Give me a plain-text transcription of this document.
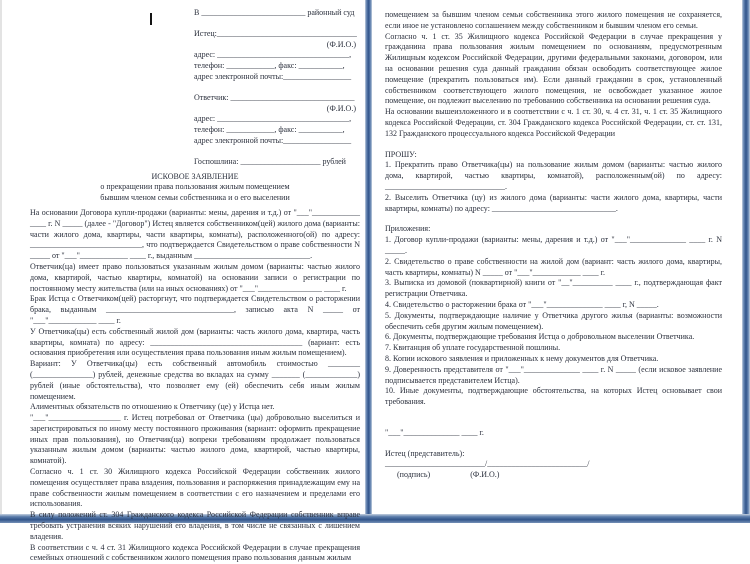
В __________________________ районный суд
Истец:___________________________________
(Ф.И.О.)
адрес: _________________________________,
телефон: ____________, факс: ___________,
адрес электронной почты:_________________
Ответчик: _______________________________
(Ф.И.О.)
адрес: _________________________________,
телефон: ____________, факс: ___________,
адрес электронной почты:_________________
Госпошлина: ____________________ рублей
ИСКОВОЕ ЗАЯВЛЕНИЕ
о прекращении права пользования жилым помещением
бывшим членом семьи собственника и о его выселении

На основании Договора купли-продажи (варианты: мены, дарения и т.д.) от "___"____________ ____ г. N _____ (далее - "Договор") Истец является собственником(цей) жилого дома (варианты: части жилого дома, квартиры, части квартиры, комнаты), расположенного(ой) по адресу: ____________________________, что подтверждается Свидетельством о праве собственности N _____ от "___"____________ ____ г., выданным _____________________________.

Ответчик(ца) имеет право пользоваться указанным жилым домом (варианты: частью жилого дома, квартирой, частью квартиры, комнатой) на основании записи о регистрации по постоянному месту жительства (или на иных основаниях) от "___"________________ ____ г.

Брак Истца с Ответчиком(цей) расторгнут, что подтверждается Свидетельством о расторжении брака, выданным ________________________________, записью акта N _____ от "___"____________ ____ г.

У Ответчика(цы) есть собственный жилой дом (варианты: часть жилого дома, квартира, часть квартиры, комната) по адресу: ______________________________________ (вариант: есть основания приобретения или осуществления права пользования иным жилым помещением).

Вариант: У Ответчика(цы) есть собственный автомобиль стоимостью ________ (_______________) рублей, денежные средства во вкладах на сумму _______ (_____________) рублей (иные обстоятельства), что позволяет ему (ей) обеспечить себя иным жилым помещением.

Алиментных обязательств по отношению к Ответчику (це) у Истца нет.

"___"__________________ г. Истец потребовал от Ответчика (цы) добровольно выселиться и зарегистрироваться по иному месту постоянного проживания (вариант: оформить прекращение иных прав пользования), но Ответчик(ца) вопреки требованиям продолжает пользоваться указанным жилым домом (варианты: частью жилого дома, квартирой, частью квартиры, комнатой).

Согласно ч. 1 ст. 30 Жилищного кодекса Российской Федерации собственник жилого помещения осуществляет права владения, пользования и распоряжения принадлежащим ему на праве собственности жилым помещением в соответствии с его назначением и пределами его использования.

В силу положений ст. 304 Гражданского кодекса Российской Федерации собственник вправе требовать устранения всяких нарушений его владения, в том числе не связанных с лишением владения.

В соответствии с ч. 4 ст. 31 Жилищного кодекса Российской Федерации в случае прекращения семейных отношений с собственником жилого помещения право пользования данным жилым

помещением за бывшим членом семьи собственника этого жилого помещения не сохраняется, если иное не установлено соглашением между собственником и бывшим членом его семьи.

Согласно ч. 1 ст. 35 Жилищного кодекса Российской Федерации в случае прекращения у гражданина права пользования жилым помещением по основаниям, предусмотренным Жилищным кодексом Российской Федерации, другими федеральными законами, договором, или на основании решения суда данный гражданин обязан освободить соответствующее жилое помещение (прекратить пользоваться им). Если данный гражданин в срок, установленный собственником соответствующего жилого помещения, не освобождает указанное жилое помещение, он подлежит выселению по требованию собственника на основании решения суда.

На основании вышеизложенного и в соответствии с ч. 1 ст. 30, ч. 4 ст. 31, ч. 1 ст. 35 Жилищного кодекса Российской Федерации, ст. 304 Гражданского кодекса Российской Федерации, ст. ст. 131, 132 Гражданского процессуального кодекса Российской Федерации

ПРОШУ:

1. Прекратить право Ответчика(цы) на пользование жилым домом (варианты: частью жилого дома, квартирой, частью квартиры, комнатой), расположенным(ой) по адресу: ______________________________.

2. Выселить Ответчика (цу) из жилого дома (варианты: части жилого дома, квартиры, части квартиры, комнаты) по адресу: _______________________________.

Приложения:

1. Договор купли-продажи (варианты: мены, дарения и т.д.) от "___"______________ ____ г. N _____.

2. Свидетельство о праве собственности на жилой дом (вариант: часть жилого дома, квартиры, часть квартиры, комнаты) N _____ от "___"____________ ____ г.

3. Выписка из домовой (поквартирной) книги от "__"__________ ____ г., подтверждающая факт регистрации Ответчика.

4. Свидетельство о расторжении брака от "___"______________ ____ г, N _____.

5. Документы, подтверждающие наличие у Ответчика другого жилья (варианты: возможности обеспечить себя другим жилым помещением).

6. Документы, подтверждающие требования Истца о добровольном выселении Ответчика.

7. Квитанция об уплате государственной пошлины.

8. Копии искового заявления и приложенных к нему документов для Ответчика.

9. Доверенность представителя от "___"______________ ____ г. N _____ (если исковое заявление подписывается представителем Истца).

10. Иные документы, подтверждающие обстоятельства, на которых Истец основывает свои требования.

"___"______________ ____ г.
Истец (представитель):
_________________________/_________________________/
(подпись)	(Ф.И.О.)
